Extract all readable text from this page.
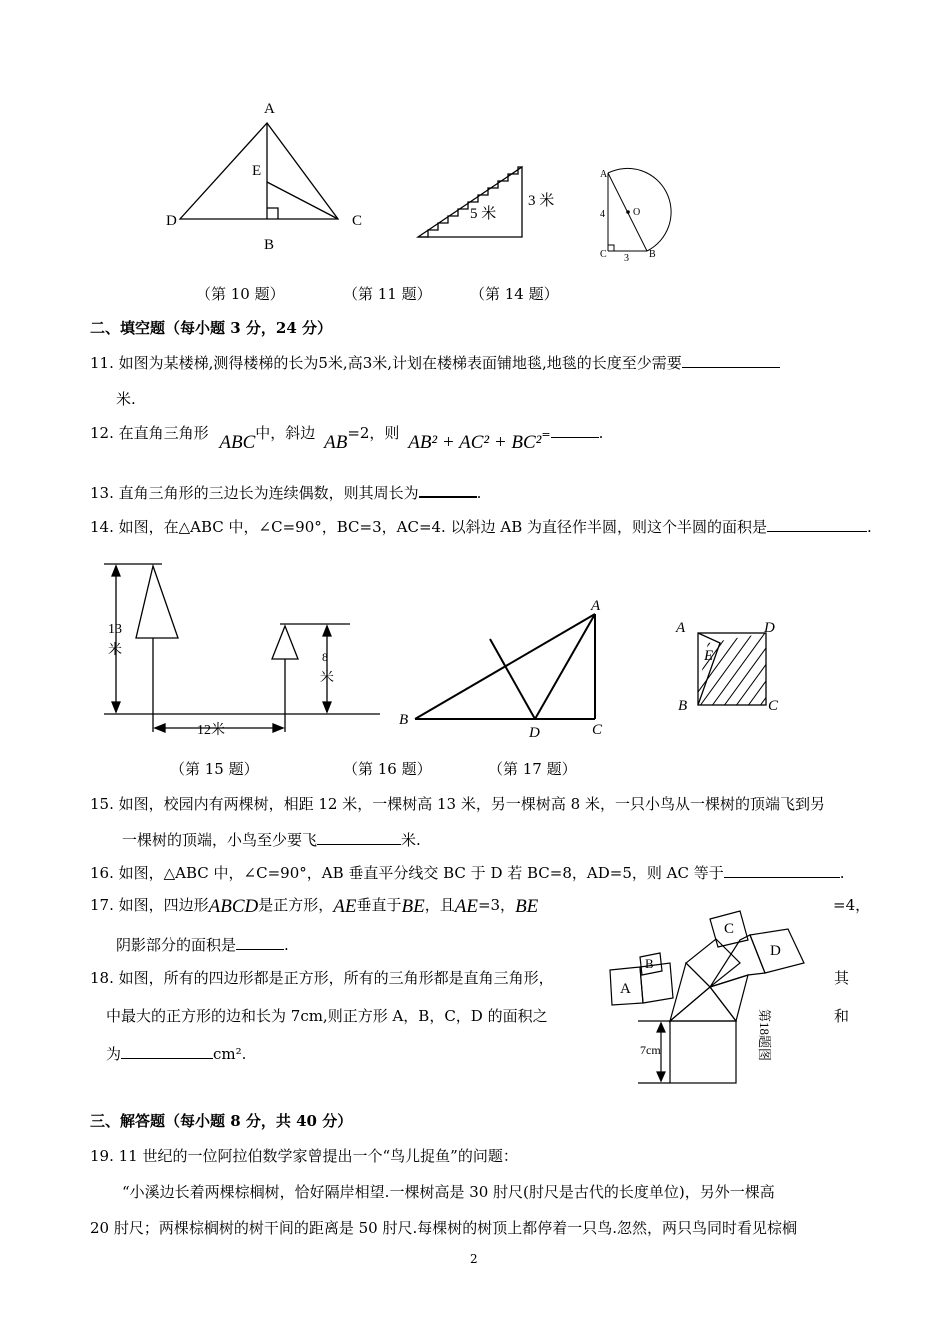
A
E
D	C
B
5 米
3 米
A
4	O
C 3 B
（第 10 题）	（第 11 题）	（第 14 题）
二、填空题（每小题 3 分，24 分）
11. 如图为某楼梯,测得楼梯的长为5米,高3米,计划在楼梯表面铺地毯,地毯的长度至少需要
米.
12. 在直角三角形 ABC中，斜边 AB=2，则 AB² + AC² + BC²=	.
13. 直角三角形的三边长为连续偶数，则其周长为	.
14. 如图，在△ABC 中，∠C=90°，BC=3，AC=4. 以斜边 AB 为直径作半圆，则这个半圆的面积是	.
13
米	8
米
12米
A
B
D	C
A	D
E
B	C
（第 15 题）	（第 16 题）	（第 17 题）
15. 如图，校园内有两棵树，相距 12 米，一棵树高 13 米，另一棵树高 8 米，一只小鸟从一棵树的顶端飞到另
一棵树的顶端，小鸟至少要飞	米.
16. 如图，△ABC 中，∠C=90°，AB 垂直平分线交 BC 于 D 若 BC=8，AD=5，则 AC 等于	.
17. 如图，四边形ABCD是正方形，AE垂直于BE，且AE=3，BE	=4，
阴影部分的面积是	.
18. 如图，所有的四边形都是正方形，所有的三角形都是直角三角形，	其
中最大的正方形的边和长为 7cm,则正方形 A，B，C，D 的面积之	和
为	cm².
A
B
C
D
7cm	第18题图
三、解答题（每小题 8 分，共 40 分）
19. 11 世纪的一位阿拉伯数学家曾提出一个“鸟儿捉鱼”的问题：
“小溪边长着两棵棕榈树，恰好隔岸相望.一棵树高是 30 肘尺(肘尺是古代的长度单位)，另外一棵高
20 肘尺；两棵棕榈树的树干间的距离是 50 肘尺.每棵树的树顶上都停着一只鸟.忽然，两只鸟同时看见棕榈
2
